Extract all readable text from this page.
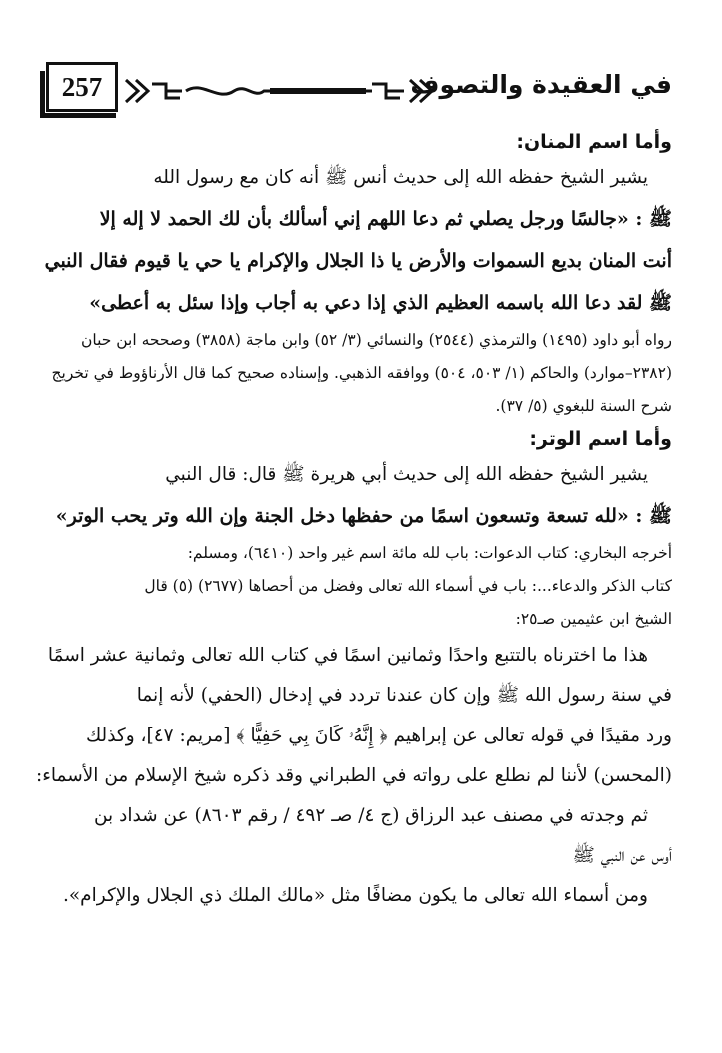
257	في العقيدة والتصوف

وأما اسم المنان:

يشير الشيخ حفظه الله إلى حديث أنس ﷺ أنه كان مع رسول الله

ﷺ : «جالسًا ورجل يصلي ثم دعا اللهم إني أسألك بأن لك الحمد لا إله إلا

أنت المنان بديع السموات والأرض يا ذا الجلال والإكرام يا حي يا قيوم فقال النبي

ﷺ لقد دعا الله باسمه العظيم الذي إذا دعي به أجاب وإذا سئل به أعطى»

رواه أبو داود (١٤٩٥) والترمذي (٢٥٤٤) والنسائي (٣/ ٥٢) وابن ماجة (٣٨٥٨) وصححه ابن حبان

(٢٣٨٢–موارد) والحاكم (١/ ٥٠٣، ٥٠٤) ووافقه الذهبي. وإسناده صحيح كما قال الأرناؤوط في تخريج

شرح السنة للبغوي (٥/ ٣٧).

وأما اسم الوتر:

يشير الشيخ حفظه الله إلى حديث أبي هريرة ﷺ قال: قال النبي

ﷺ : «لله تسعة وتسعون اسمًا من حفظها دخل الجنة وإن الله وتر يحب الوتر»

أخرجه البخاري: كتاب الدعوات: باب لله مائة اسم غير واحد (٦٤١٠)، ومسلم:

كتاب الذكر والدعاء...: باب في أسماء الله تعالى وفضل من أحصاها (٢٦٧٧) (٥) قال

الشيخ ابن عثيمين صـ٢٥:

هذا ما اخترناه بالتتبع واحدًا وثمانين اسمًا في كتاب الله تعالى وثمانية عشر اسمًا

في سنة رسول الله ﷺ وإن كان عندنا تردد في إدخال (الحفي) لأنه إنما

ورد مقيدًا في قوله تعالى عن إبراهيم ﴿ إِنَّهُۥ كَانَ بِي حَفِيًّا ﴾ [مريم: ٤٧]، وكذلك

(المحسن) لأننا لم نطلع على رواته في الطبراني وقد ذكره شيخ الإسلام من الأسماء:

ثم وجدته في مصنف عبد الرزاق (ج ٤/ صـ ٤٩٢ / رقم ٨٦٠٣) عن شداد بن

أوس عن النبي ﷺ

ومن أسماء الله تعالى ما يكون مضافًا مثل «مالك الملك ذي الجلال والإكرام».
